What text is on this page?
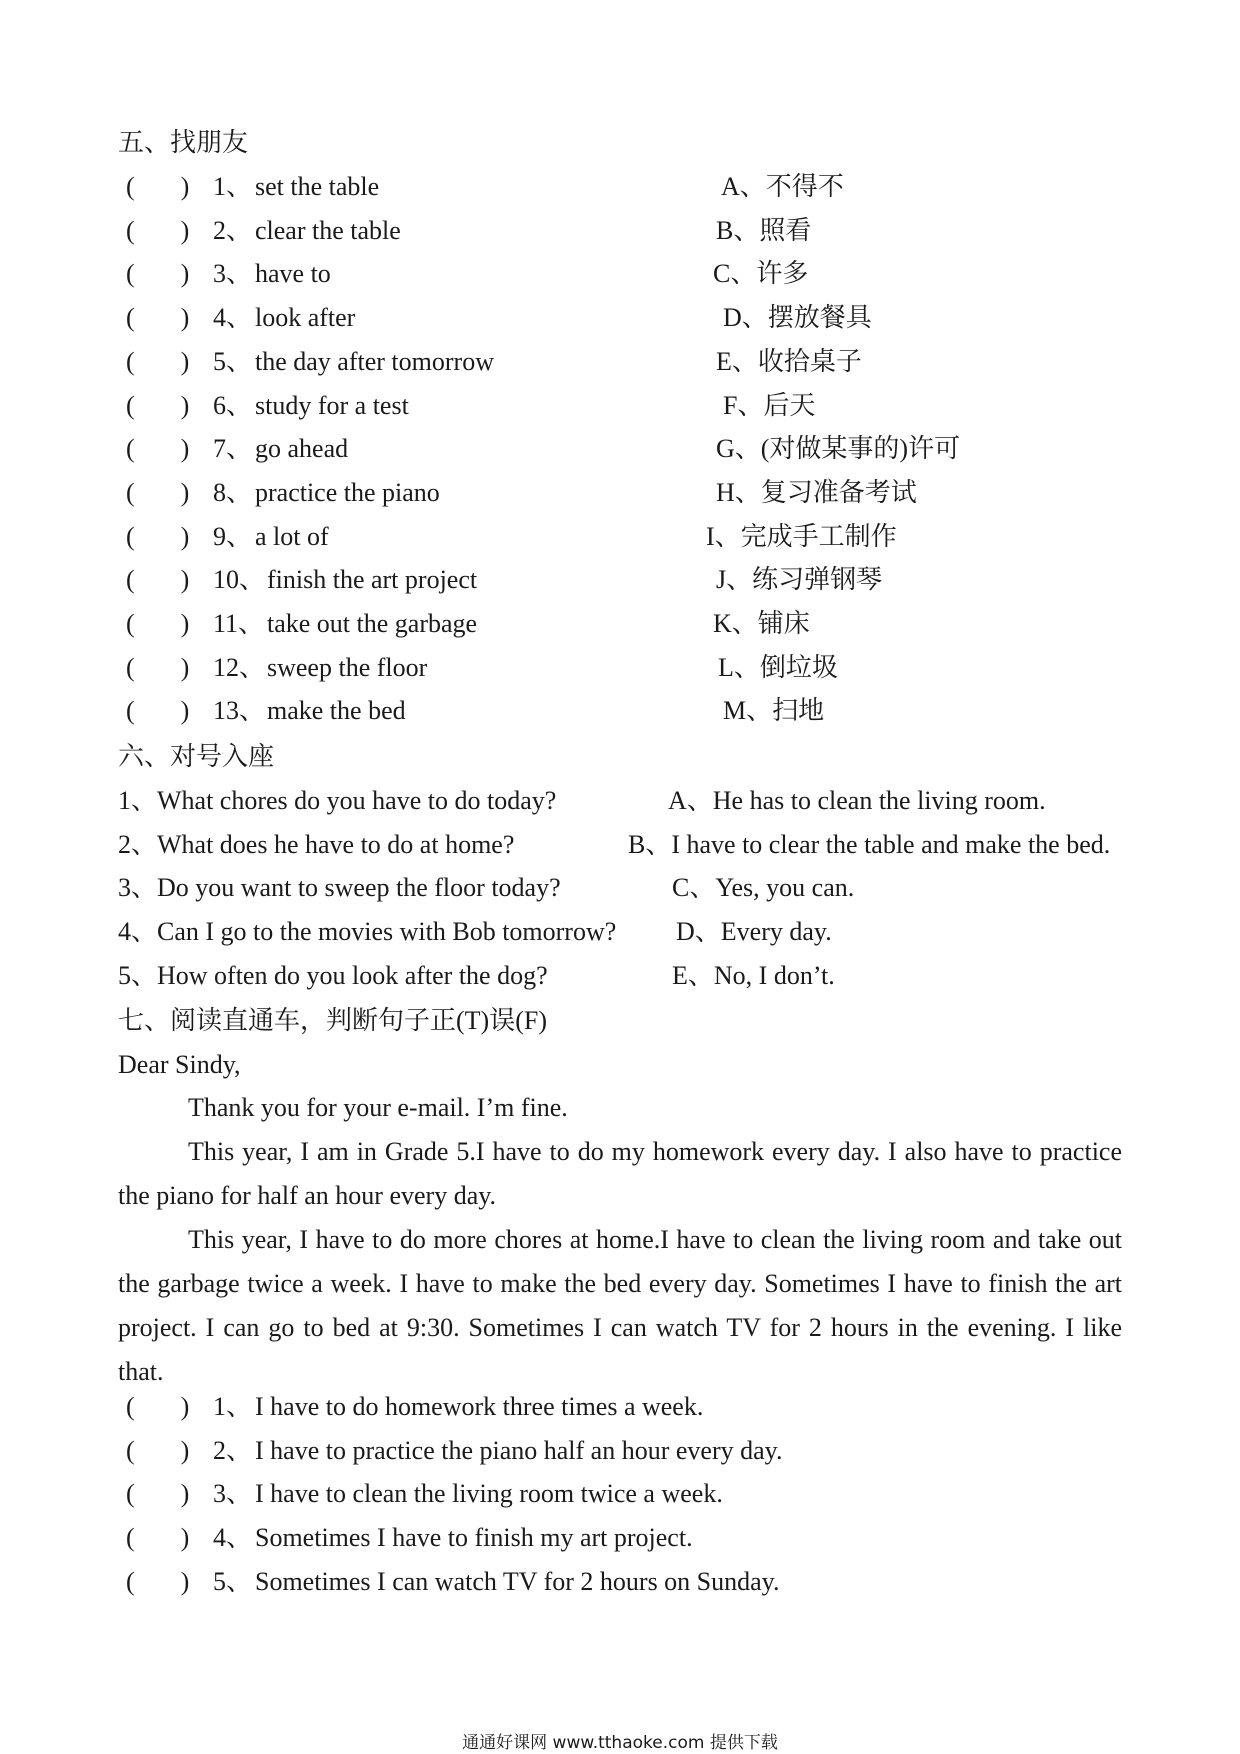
五、找朋友
( ) 1、 set the table	A、不得不
( ) 2、 clear the table	B、照看
( ) 3、 have to	C、许多
( ) 4、 look after	D、摆放餐具
( ) 5、 the day after tomorrow	E、收拾桌子
( ) 6、 study for a test	F、后天
( ) 7、 go ahead	G、(对做某事的)许可
( ) 8、 practice the piano	H、复习准备考试
( ) 9、 a lot of	I、完成手工制作
( ) 10、 finish the art project	J、练习弹钢琴
( ) 11、 take out the garbage	K、铺床
( ) 12、 sweep the floor	L、倒垃圾
( ) 13、 make the bed	M、扫地
六、对号入座
1、What chores do you have to do today?	A、He has to clean the living room.
2、What does he have to do at home?	B、I have to clear the table and make the bed.
3、Do you want to sweep the floor today?	C、Yes, you can.
4、Can I go to the movies with Bob tomorrow? D、Every day.
5、How often do you look after the dog?	E、No, I don’t.
七、阅读直通车，判断句子正(T)误(F)
Dear Sindy,
Thank you for your e-mail. I’m fine.
This year, I am in Grade 5.I have to do my homework every day. I also have to practice the piano for half an hour every day.
This year, I have to do more chores at home.I have to clean the living room and take out the garbage twice a week. I have to make the bed every day. Sometimes I have to finish the art project. I can go to bed at 9:30. Sometimes I can watch TV for 2 hours in the evening. I like that.
( ) 1、 I have to do homework three times a week.
( ) 2、 I have to practice the piano half an hour every day.
( ) 3、 I have to clean the living room twice a week.
( ) 4、 Sometimes I have to finish my art project.
( ) 5、 Sometimes I can watch TV for 2 hours on Sunday.
通通好课网 www.tthaoke.com 提供下载
